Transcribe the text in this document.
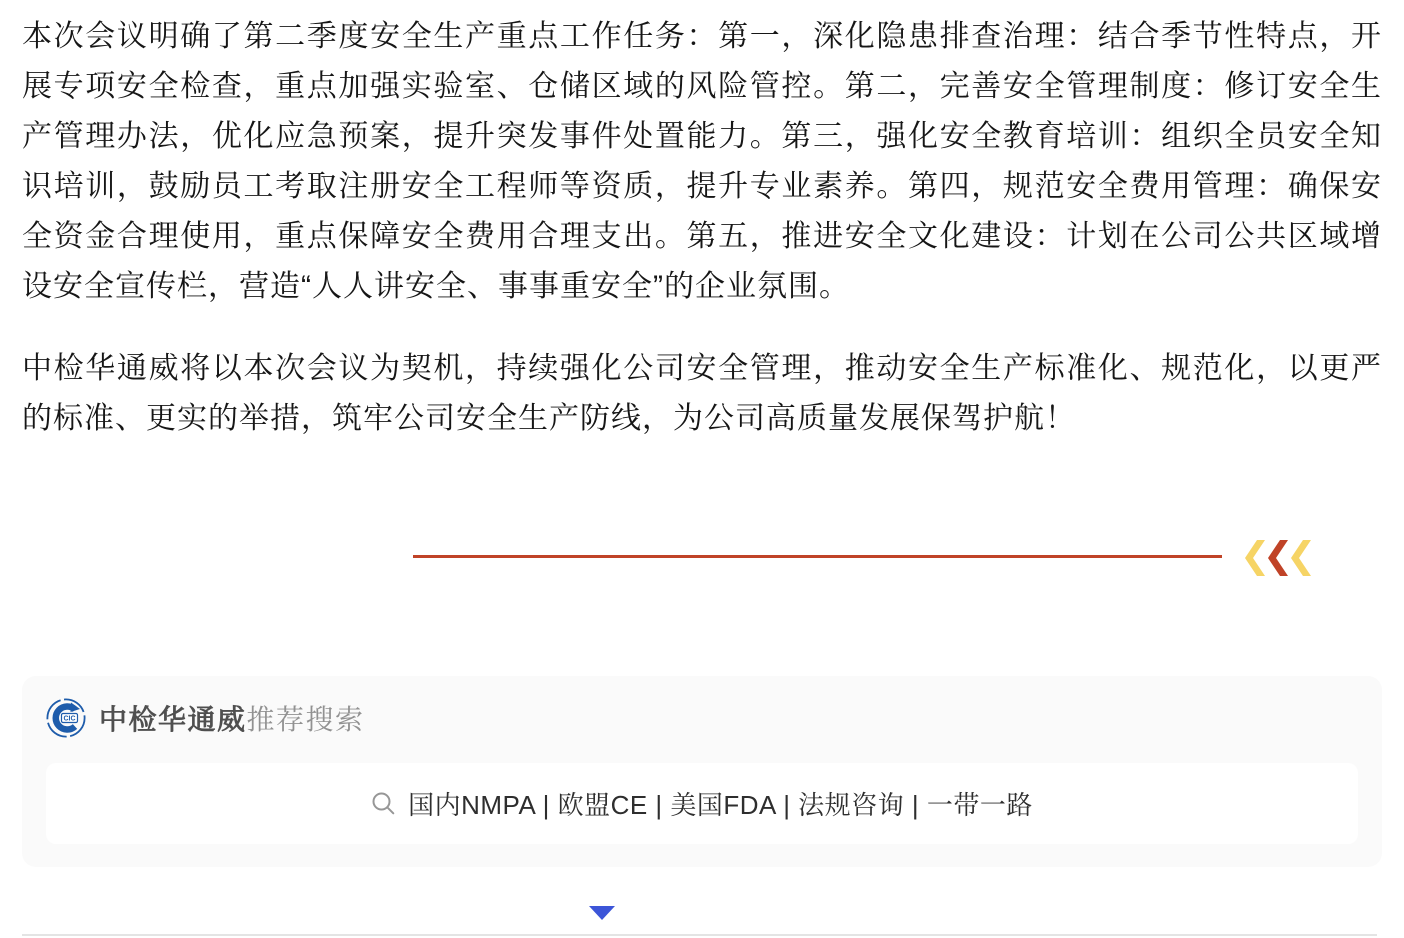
本次会议明确了第二季度安全生产重点工作任务：第一，深化隐患排查治理：结合季节性特点，开展专项安全检查，重点加强实验室、仓储区域的风险管控。第二，完善安全管理制度：修订安全生产管理办法，优化应急预案，提升突发事件处置能力。第三，强化安全教育培训：组织全员安全知识培训，鼓励员工考取注册安全工程师等资质，提升专业素养。第四，规范安全费用管理：确保安全资金合理使用，重点保障安全费用合理支出。第五，推进安全文化建设：计划在公司公共区域增设安全宣传栏，营造“人人讲安全、事事重安全”的企业氛围。

中检华通威将以本次会议为契机，持续强化公司安全管理，推动安全生产标准化、规范化，以更严的标准、更实的举措，筑牢公司安全生产防线，为公司高质量发展保驾护航！

CIC 中检华通威 推荐搜索
国内NMPA | 欧盟CE | 美国FDA | 法规咨询 | 一带一路
